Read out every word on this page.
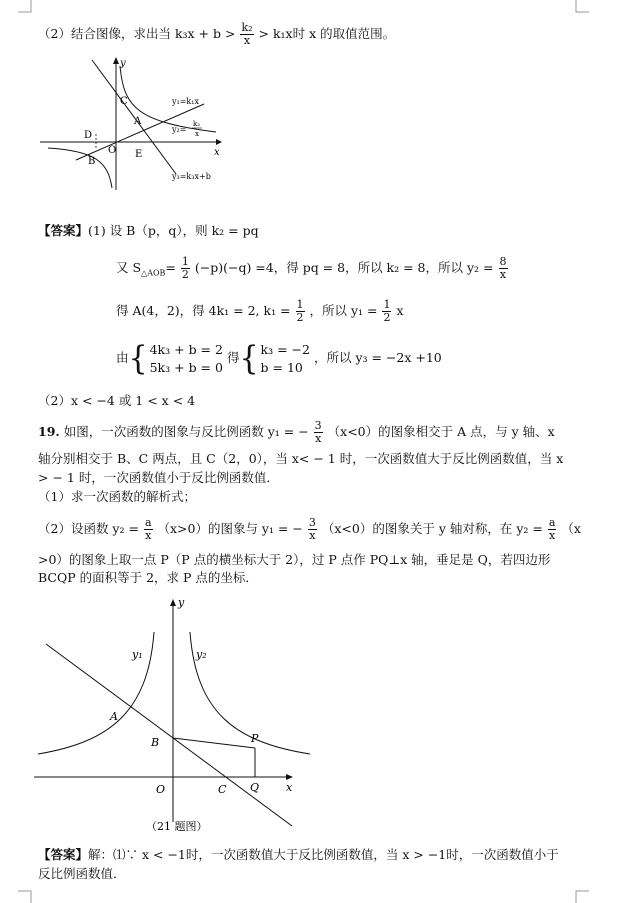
（2）结合图像，求出当 $k_3x + b > \frac{\text{k₂}}{x} > k_1x$时 x 的取值范围。
y
x
C
A
D
O E
B
y₁=k₁x
y₂=
k₂
x
y₃=k₃x+b
【答案】(1) 设 B（p，q），则 k₂ = pq
又 $S_{\triangle AOB}= \frac{1}{2} (-p)(-q) =4$，得 pq = 8，所以 k₂ = 8，所以 $y_2 = \frac{8}{x}$
得 A(4，2)，得 4k₁ = 2, $k_1 = \frac{1}{2}$ ，所以 $y_1 = \frac{1}{2}$ x
由{ 4k₃ + b = 2
5k₃ + b = 0
得{ k₃ = −2
b = 10
，所以 y₃ = −2x +10
（2）x < −4 或 1 < x < 4
19. 如图，一次函数的图象与反比例函数 y₁ = − $\frac{3}{x} (x<0)$的图象相交于 A 点，与 y 轴、x
轴分别相交于 B、C 两点，且 C（2，0），当 x< − 1 时，一次函数值大于反比例函数值，当 x
> − 1 时，一次函数值小于反比例函数值．
（1）求一次函数的解析式；
（2）设函数 $y_2 = \frac{a}{x} (x>0)$的图象与 y₁ = − $\frac{3}{x} (x<0)$的图象关于 y 轴对称，在 $y_2 = \frac{a}{x} (x$
>0）的图象上取一点 P（P 点的横坐标大于 2），过 P 点作 PQ⊥x 轴，垂足是 Q，若四边形
BCQP 的面积等于 2，求 P 点的坐标．
y
x
y₁	y₂
A
B	P
O	C Q
（21 题图）
【答案】解：⑴∵ x < −1时，一次函数值大于反比例函数值，当 x > −1时，一次函数值小于
反比例函数值．
